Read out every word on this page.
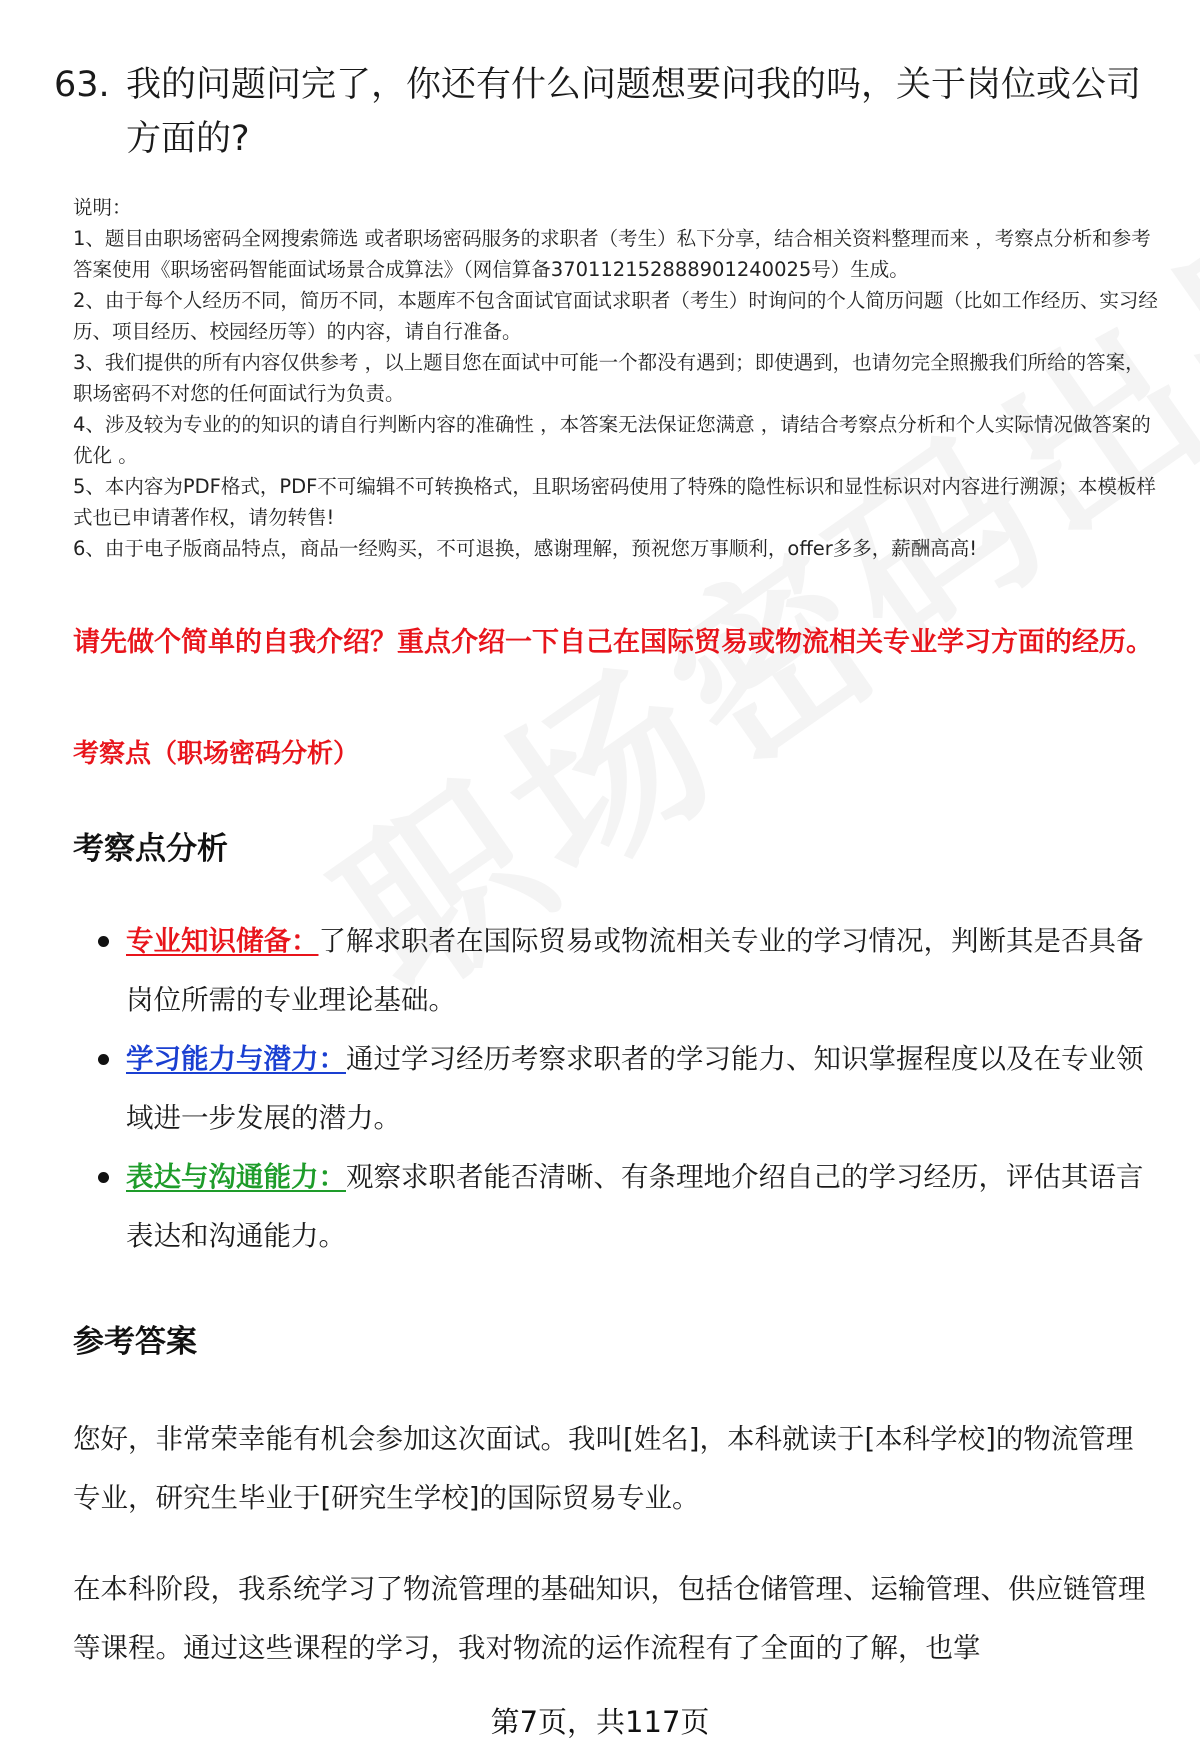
63. 我的问题问完了，你还有什么问题想要问我的吗，关于岗位或公司方面的?

说明：

1、题目由职场密码全网搜索筛选 或者职场密码服务的求职者（考生）私下分享，结合相关资料整理而来 ，考察点分析和参考答案使用《职场密码智能面试场景合成算法》（网信算备370112152888901240025号）生成。

2、由于每个人经历不同，简历不同，本题库不包含面试官面试求职者（考生）时询问的个人简历问题（比如工作经历、实习经历、项目经历、校园经历等）的内容，请自行准备。

3、我们提供的所有内容仅供参考 ，以上题目您在面试中可能一个都没有遇到；即使遇到，也请勿完全照搬我们所给的答案，职场密码不对您的任何面试行为负责。

4、涉及较为专业的的知识的请自行判断内容的准确性 ，本答案无法保证您满意 ，请结合考察点分析和个人实际情况做答案的优化 。

5、本内容为PDF格式，PDF不可编辑不可转换格式，且职场密码使用了特殊的隐性标识和显性标识对内容进行溯源；本模板样式也已申请著作权，请勿转售!

6、由于电子版商品特点，商品一经购买，不可退换，感谢理解，预祝您万事顺利，offer多多，薪酬高高!

请先做个简单的自我介绍？重点介绍一下自己在国际贸易或物流相关专业学习方面的经历。

考察点（职场密码分析）

考察点分析
专业知识储备：了解求职者在国际贸易或物流相关专业的学习情况，判断其是否具备岗位所需的专业理论基础。
学习能力与潜力：通过学习经历考察求职者的学习能力、知识掌握程度以及在专业领域进一步发展的潜力。
表达与沟通能力：观察求职者能否清晰、有条理地介绍自己的学习经历，评估其语言表达和沟通能力。
参考答案

您好，非常荣幸能有机会参加这次面试。我叫[姓名]，本科就读于[本科学校]的物流管理专业，研究生毕业于[研究生学校]的国际贸易专业。

在本科阶段，我系统学习了物流管理的基础知识，包括仓储管理、运输管理、供应链管理等课程。通过这些课程的学习，我对物流的运作流程有了全面的了解，也掌

第7页，共117页
